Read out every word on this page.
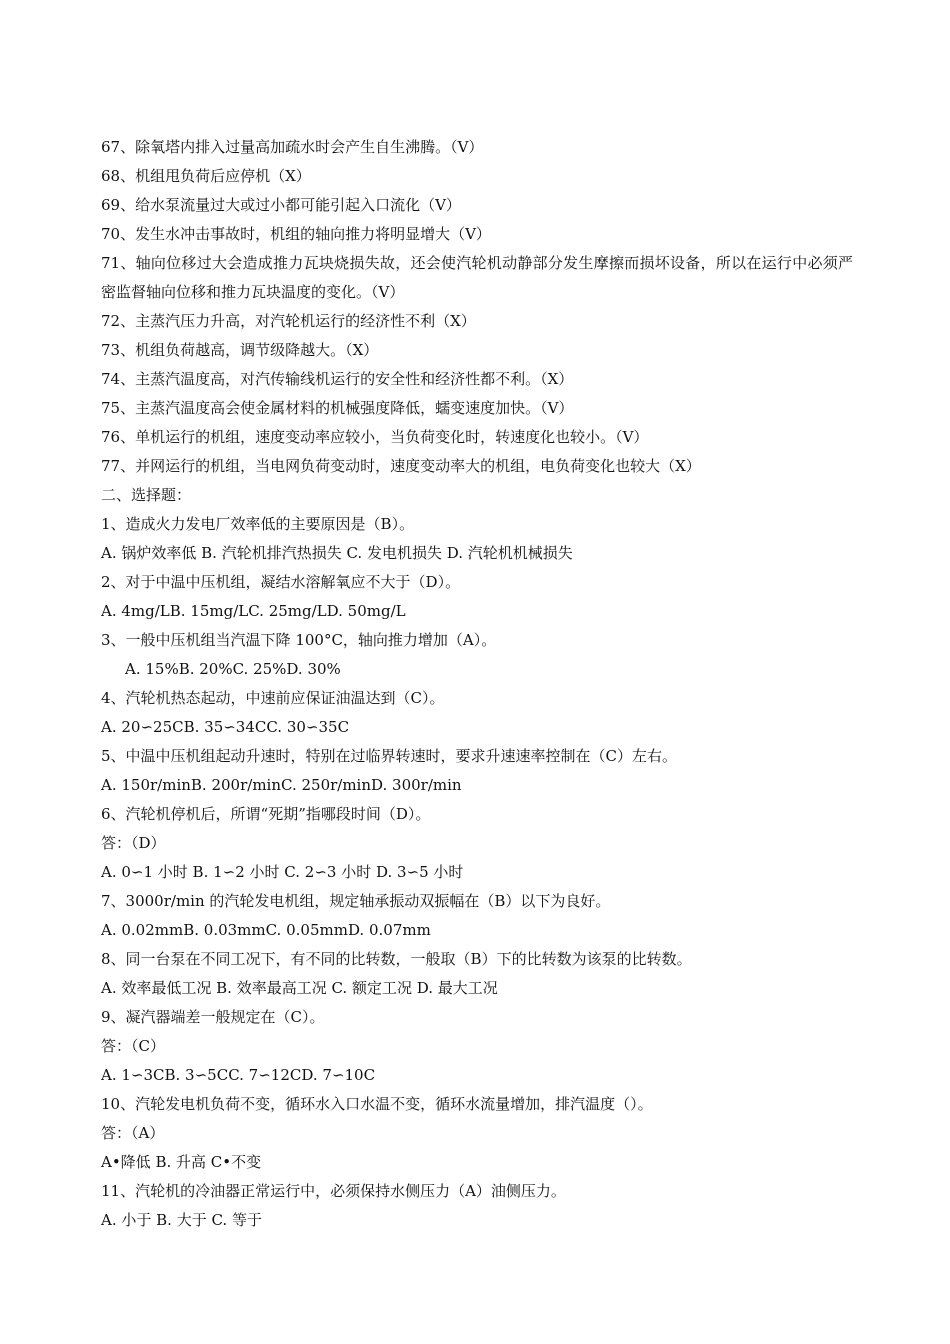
67、除氧塔内排入过量高加疏水时会产生自生沸腾。（V）
68、机组甩负荷后应停机（X）
69、给水泵流量过大或过小都可能引起入口流化（V）
70、发生水冲击事故时，机组的轴向推力将明显增大（V）
71、轴向位移过大会造成推力瓦块烧损失故，还会使汽轮机动静部分发生摩擦而损坏设备，所以在运行中必须严密监督轴向位移和推力瓦块温度的变化。（V）
72、主蒸汽压力升高，对汽轮机运行的经济性不利（X）
73、机组负荷越高，调节级降越大。（X）
74、主蒸汽温度高，对汽传输线机运行的安全性和经济性都不利。（X）
75、主蒸汽温度高会使金属材料的机械强度降低，蠕变速度加快。（V）
76、单机运行的机组，速度变动率应较小，当负荷变化时，转速度化也较小。（V）
77、并网运行的机组，当电网负荷变动时，速度变动率大的机组，电负荷变化也较大（X）
二、选择题：
1、造成火力发电厂效率低的主要原因是（B）。
A. 锅炉效率低 B. 汽轮机排汽热损失 C. 发电机损失 D. 汽轮机机械损失
2、对于中温中压机组，凝结水溶解氧应不大于（D）。
A. 4mg/LB. 15mg/LC. 25mg/LD. 50mg/L
3、一般中压机组当汽温下降 100°C，轴向推力增加（A）。
A. 15%B. 20%C. 25%D. 30%
4、汽轮机热态起动，中速前应保证油温达到（C）。
A. 20∽25CB. 35∽34CC. 30∽35C
5、中温中压机组起动升速时，特别在过临界转速时，要求升速速率控制在（C）左右。
A. 150r/minB. 200r/minC. 250r/minD. 300r/min
6、汽轮机停机后，所谓“死期”指哪段时间（D）。
答：（D）
A. 0∽1 小时 B. 1∽2 小时 C. 2∽3 小时 D. 3∽5 小时
7、3000r/min 的汽轮发电机组，规定轴承振动双振幅在（B）以下为良好。
A. 0.02mmB. 0.03mmC. 0.05mmD. 0.07mm
8、同一台泵在不同工况下，有不同的比转数，一般取（B）下的比转数为该泵的比转数。
A. 效率最低工况 B. 效率最高工况 C. 额定工况 D. 最大工况
9、凝汽器端差一般规定在（C）。
答：（C）
A. 1∽3CB. 3∽5CC. 7∽12CD. 7∽10C
10、汽轮发电机负荷不变，循环水入口水温不变，循环水流量增加，排汽温度（）。
答：（A）
A•降低 B. 升高 C•不变
11、汽轮机的冷油器正常运行中，必须保持水侧压力（A）油侧压力。
A. 小于 B. 大于 C. 等于
